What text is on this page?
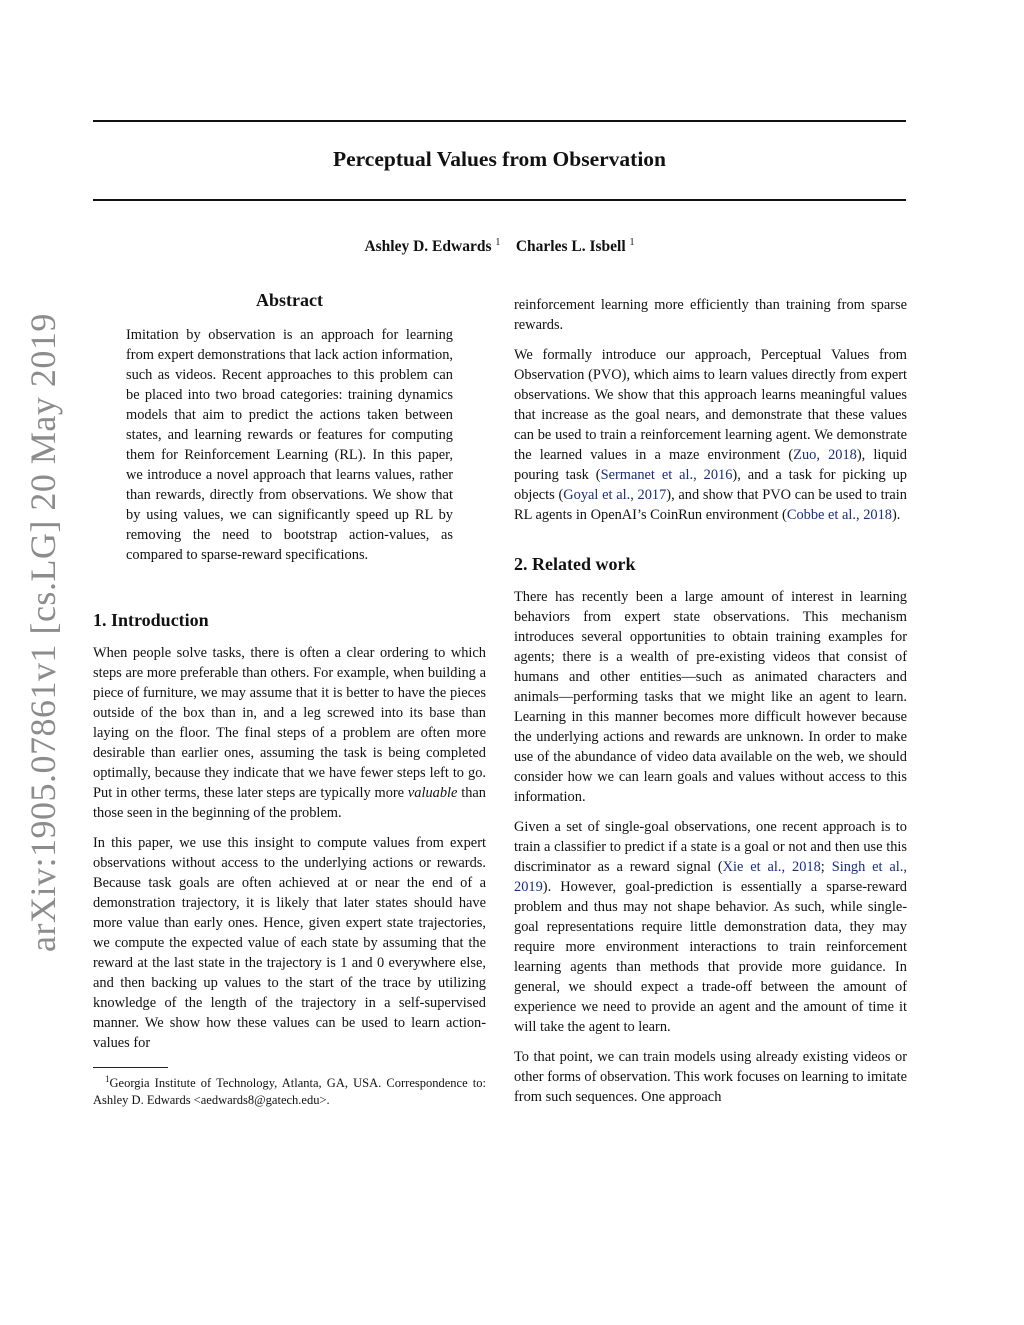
Perceptual Values from Observation
Ashley D. Edwards $^1$ Charles L. Isbell $^1$
arXiv:1905.07861v1 [cs.LG] 20 May 2019
Abstract
Imitation by observation is an approach for learning from expert demonstrations that lack action information, such as videos. Recent approaches to this problem can be placed into two broad categories: training dynamics models that aim to predict the actions taken between states, and learning rewards or features for computing them for Reinforcement Learning (RL). In this paper, we introduce a novel approach that learns values, rather than rewards, directly from observations. We show that by using values, we can significantly speed up RL by removing the need to bootstrap action-values, as compared to sparse-reward specifications.
1. Introduction

When people solve tasks, there is often a clear ordering to which steps are more preferable than others. For example, when building a piece of furniture, we may assume that it is better to have the pieces outside of the box than in, and a leg screwed into its base than laying on the floor. The final steps of a problem are often more desirable than earlier ones, assuming the task is being completed optimally, because they indicate that we have fewer steps left to go. Put in other terms, these later steps are typically more valuable than those seen in the beginning of the problem.

In this paper, we use this insight to compute values from expert observations without access to the underlying actions or rewards. Because task goals are often achieved at or near the end of a demonstration trajectory, it is likely that later states should have more value than early ones. Hence, given expert state trajectories, we compute the expected value of each state by assuming that the reward at the last state in the trajectory is 1 and 0 everywhere else, and then backing up values to the start of the trace by utilizing knowledge of the length of the trajectory in a self-supervised manner. We show how these values can be used to learn action-values for

$^1$Georgia Institute of Technology, Atlanta, GA, USA. Correspondence to: Ashley D. Edwards <aedwards8@gatech.edu>.

reinforcement learning more efficiently than training from sparse rewards.

We formally introduce our approach, Perceptual Values from Observation (PVO), which aims to learn values directly from expert observations. We show that this approach learns meaningful values that increase as the goal nears, and demonstrate that these values can be used to train a reinforcement learning agent. We demonstrate the learned values in a maze environment (Zuo, 2018), liquid pouring task (Sermanet et al., 2016), and a task for picking up objects (Goyal et al., 2017), and show that PVO can be used to train RL agents in OpenAI’s CoinRun environment (Cobbe et al., 2018).

2. Related work

There has recently been a large amount of interest in learning behaviors from expert state observations. This mechanism introduces several opportunities to obtain training examples for agents; there is a wealth of pre-existing videos that consist of humans and other entities—such as animated characters and animals—performing tasks that we might like an agent to learn. Learning in this manner becomes more difficult however because the underlying actions and rewards are unknown. In order to make use of the abundance of video data available on the web, we should consider how we can learn goals and values without access to this information.

Given a set of single-goal observations, one recent approach is to train a classifier to predict if a state is a goal or not and then use this discriminator as a reward signal (Xie et al., 2018; Singh et al., 2019). However, goal-prediction is essentially a sparse-reward problem and thus may not shape behavior. As such, while single-goal representations require little demonstration data, they may require more environment interactions to train reinforcement learning agents than methods that provide more guidance. In general, we should expect a trade-off between the amount of experience we need to provide an agent and the amount of time it will take the agent to learn.

To that point, we can train models using already existing videos or other forms of observation. This work focuses on learning to imitate from such sequences. One approach
